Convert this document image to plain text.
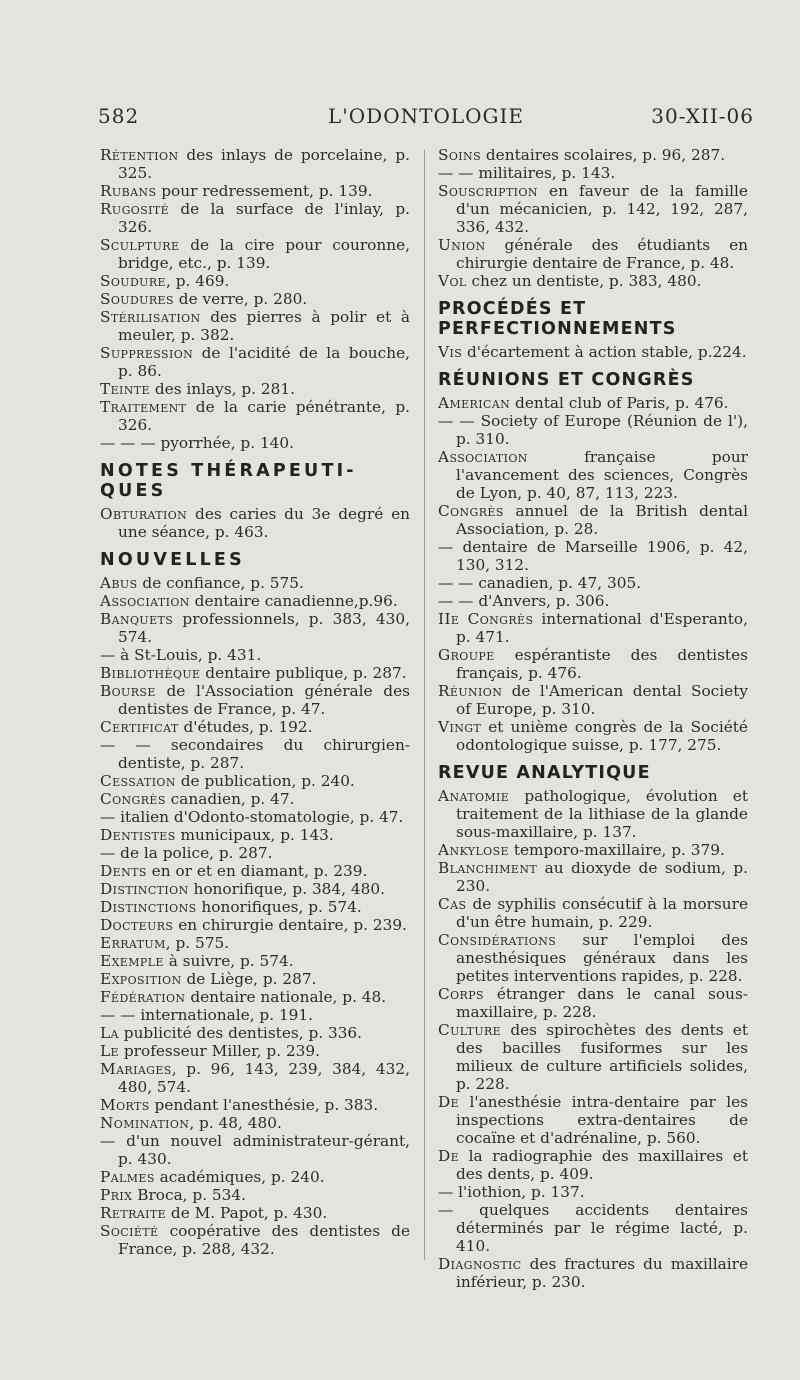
582	L'ODONTOLOGIE	30-XII-06

Rétention des inlays de porcelaine, p. 325.

Rubans pour redressement, p. 139.

Rugosité de la surface de l'inlay, p. 326.

Sculpture de la cire pour couronne, bridge, etc., p. 139.

Soudure, p. 469.

Soudures de verre, p. 280.

Stérilisation des pierres à polir et à meuler, p. 382.

Suppression de l'acidité de la bouche, p. 86.

Teinte des inlays, p. 281.

Traitement de la carie pénétrante, p. 326.

— — — pyorrhée, p. 140.

NOTES THÉRAPEUTI-QUES

Obturation des caries du 3e degré en une séance, p. 463.

NOUVELLES

Abus de confiance, p. 575.

Association dentaire canadienne,p.96.

Banquets professionnels, p. 383, 430, 574.

— à St-Louis, p. 431.

Bibliothèque dentaire publique, p. 287.

Bourse de l'Association générale des dentistes de France, p. 47.

Certificat d'études, p. 192.

— — secondaires du chirurgien-dentiste, p. 287.

Cessation de publication, p. 240.

Congrès canadien, p. 47.

— italien d'Odonto-stomatologie, p. 47.

Dentistes municipaux, p. 143.

— de la police, p. 287.

Dents en or et en diamant, p. 239.

Distinction honorifique, p. 384, 480.

Distinctions honorifiques, p. 574.

Docteurs en chirurgie dentaire, p. 239.

Erratum, p. 575.

Exemple à suivre, p. 574.

Exposition de Liège, p. 287.

Fédération dentaire nationale, p. 48.

— — internationale, p. 191.

La publicité des dentistes, p. 336.

Le professeur Miller, p. 239.

Mariages, p. 96, 143, 239, 384, 432, 480, 574.

Morts pendant l'anesthésie, p. 383.

Nomination, p. 48, 480.

— d'un nouvel administrateur-gérant, p. 430.

Palmes académiques, p. 240.

Prix Broca, p. 534.

Retraite de M. Papot, p. 430.

Société coopérative des dentistes de France, p. 288, 432.

Soins dentaires scolaires, p. 96, 287.

— — militaires, p. 143.

Souscription en faveur de la famille d'un mécanicien, p. 142, 192, 287, 336, 432.

Union générale des étudiants en chirurgie dentaire de France, p. 48.

Vol chez un dentiste, p. 383, 480.

PROCÉDÉS ET PERFECTIONNEMENTS

Vis d'écartement à action stable, p.224.

RÉUNIONS ET CONGRÈS

American dental club of Paris, p. 476.

— — Society of Europe (Réunion de l'), p. 310.

Association	française pour l'avancement des sciences, Congrès de Lyon, p. 40, 87, 113, 223.

Congrès annuel de la British dental Association, p. 28.

— dentaire de Marseille 1906, p. 42, 130, 312.

— — canadien, p. 47, 305.

— — d'Anvers, p. 306.

IIe Congrès international d'Esperanto, p. 471.

Groupe espérantiste des dentistes français, p. 476.

Réunion de l'American dental Society of Europe, p. 310.

Vingt et unième congrès de la Société odontologique suisse, p. 177, 275.

REVUE ANALYTIQUE

Anatomie pathologique, évolution et traitement de la lithiase de la glande sous-maxillaire, p. 137.

Ankylose temporo-maxillaire, p. 379.

Blanchiment au dioxyde de sodium, p. 230.

Cas de syphilis consécutif à la morsure d'un être humain, p. 229.

Considérations sur l'emploi des anesthésiques généraux dans les petites interventions rapides, p. 228.

Corps étranger dans le canal sous-maxillaire, p. 228.

Culture des spirochètes des dents et des bacilles fusiformes sur les milieux de culture artificiels solides, p. 228.

De l'anesthésie intra-dentaire par les inspections extra-dentaires de cocaïne et d'adrénaline, p. 560.

De la radiographie des maxillaires et des dents, p. 409.

— l'iothion, p. 137.

— quelques accidents dentaires déterminés par le régime lacté, p. 410.

Diagnostic des fractures du maxillaire inférieur, p. 230.
